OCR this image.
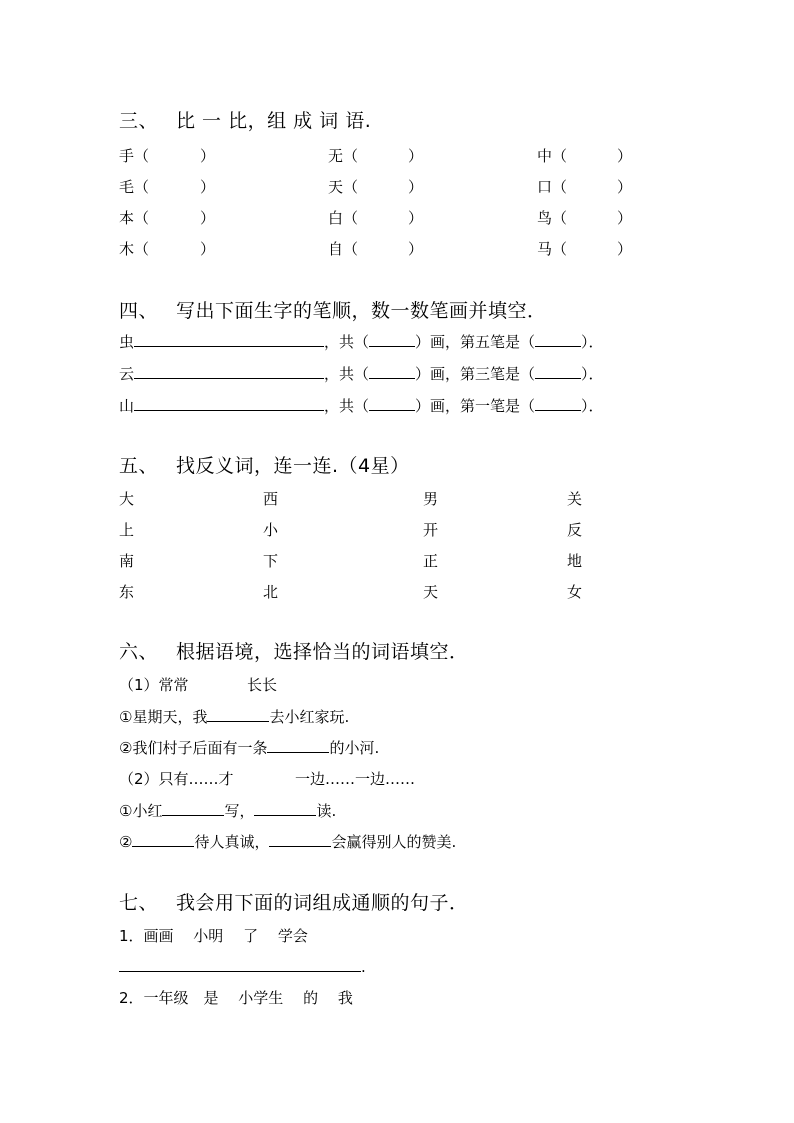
三、 比 一 比，组 成 词 语.
手（	）	无（	）	中（	）
毛（	）	天（	）	口（	）
本（	）	白（	）	鸟（	）
木（	）	自（	）	马（	）
四、 写出下面生字的笔顺，数一数笔画并填空．
虫	，共（	）画，第五笔是（	）．
云	，共（	）画，第三笔是（	）．
山	，共（	）画，第一笔是（	）．
五、 找反义词，连一连.（4星）
大	西	男	关
上	小	开	反
南	下	正	地
东	北	天	女
六、 根据语境，选择恰当的词语填空．
（1）常常	长长
①星期天，我	去小红家玩.
②我们村子后面有一条	的小河.
（2）只有……才	一边……一边……
①小红	写，	读.
②	待人真诚，	会赢得别人的赞美.
七、 我会用下面的词组成通顺的句子．
1．画画　 小明　 了　 学会
.
2．一年级　是　 小学生　 的　 我
